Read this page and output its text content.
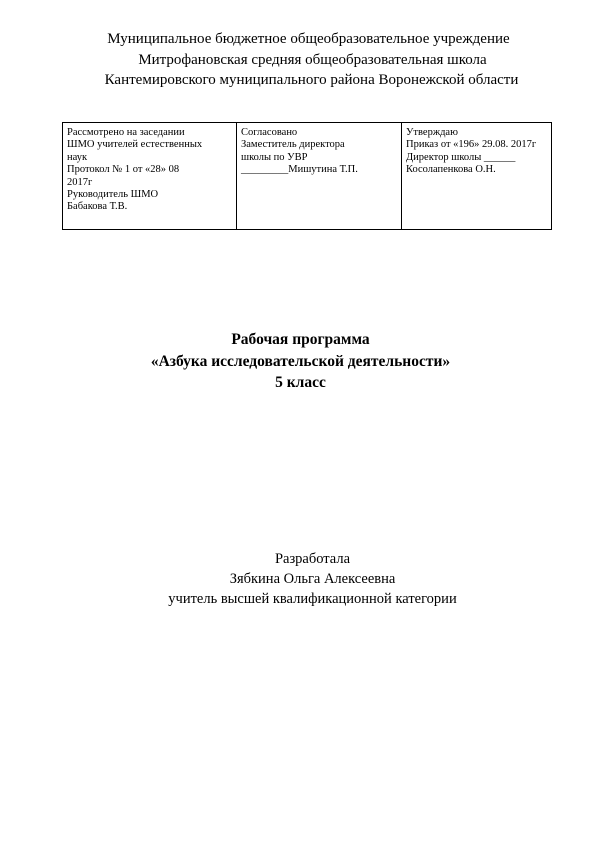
Муниципальное бюджетное общеобразовательное учреждение
Митрофановская средняя общеобразовательная школа
Кантемировского муниципального района Воронежской области
Рассмотрено на заседании
ШМО учителей естественных
наук
Протокол № 1 от «28» 08
2017г
Руководитель ШМО
Бабакова Т.В.

Согласовано
Заместитель директора
школы по УВР
_________Мишутина Т.П.

Утверждаю
Приказ от «196» 29.08. 2017г
Директор школы ______
Косолапенкова О.Н.
Рабочая программа
«Азбука исследовательской деятельности»
5 класс
Разработала
Зябкина Ольга Алексеевна
учитель высшей квалификационной категории
